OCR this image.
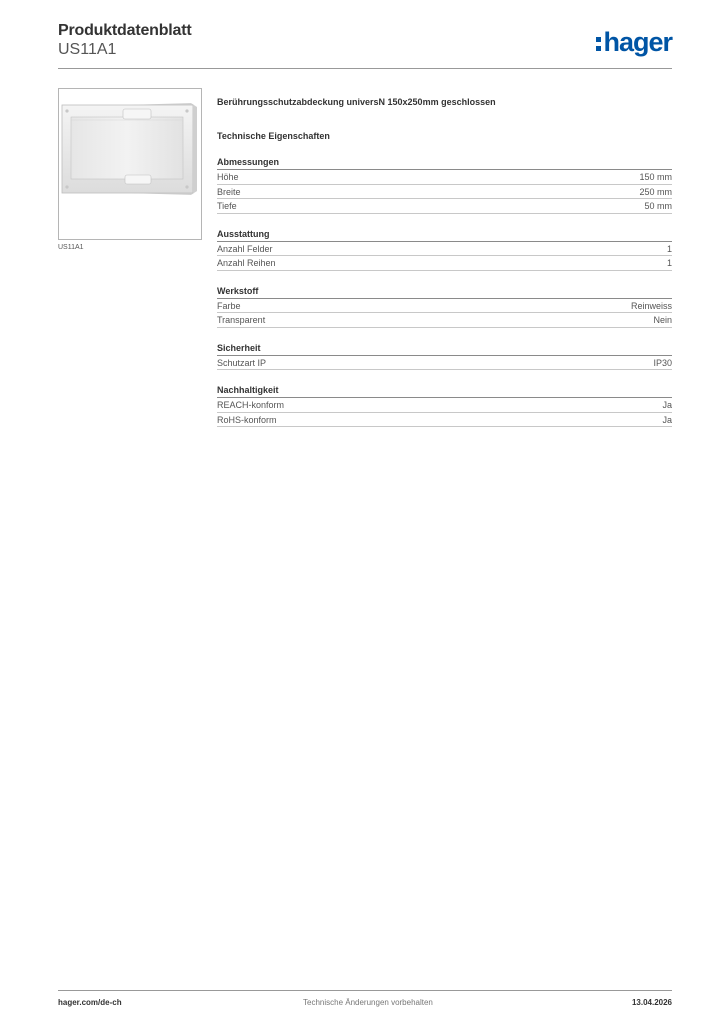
Produktdatenblatt
US11A1	hager
US11A1

Berührungsschutzabdeckung universN 150x250mm geschlossen

Technische Eigenschaften

Abmessungen
Höhe	150 mm
Breite	250 mm
Tiefe	50 mm
Ausstattung
Anzahl Felder	1
Anzahl Reihen	1
Werkstoff
Farbe	Reinweiss
Transparent	Nein
Sicherheit
Schutzart IP	IP30
Nachhaltigkeit
REACH-konform	Ja
RoHS-konform	Ja
hager.com/de-ch	Technische Änderungen vorbehalten	13.04.2026
